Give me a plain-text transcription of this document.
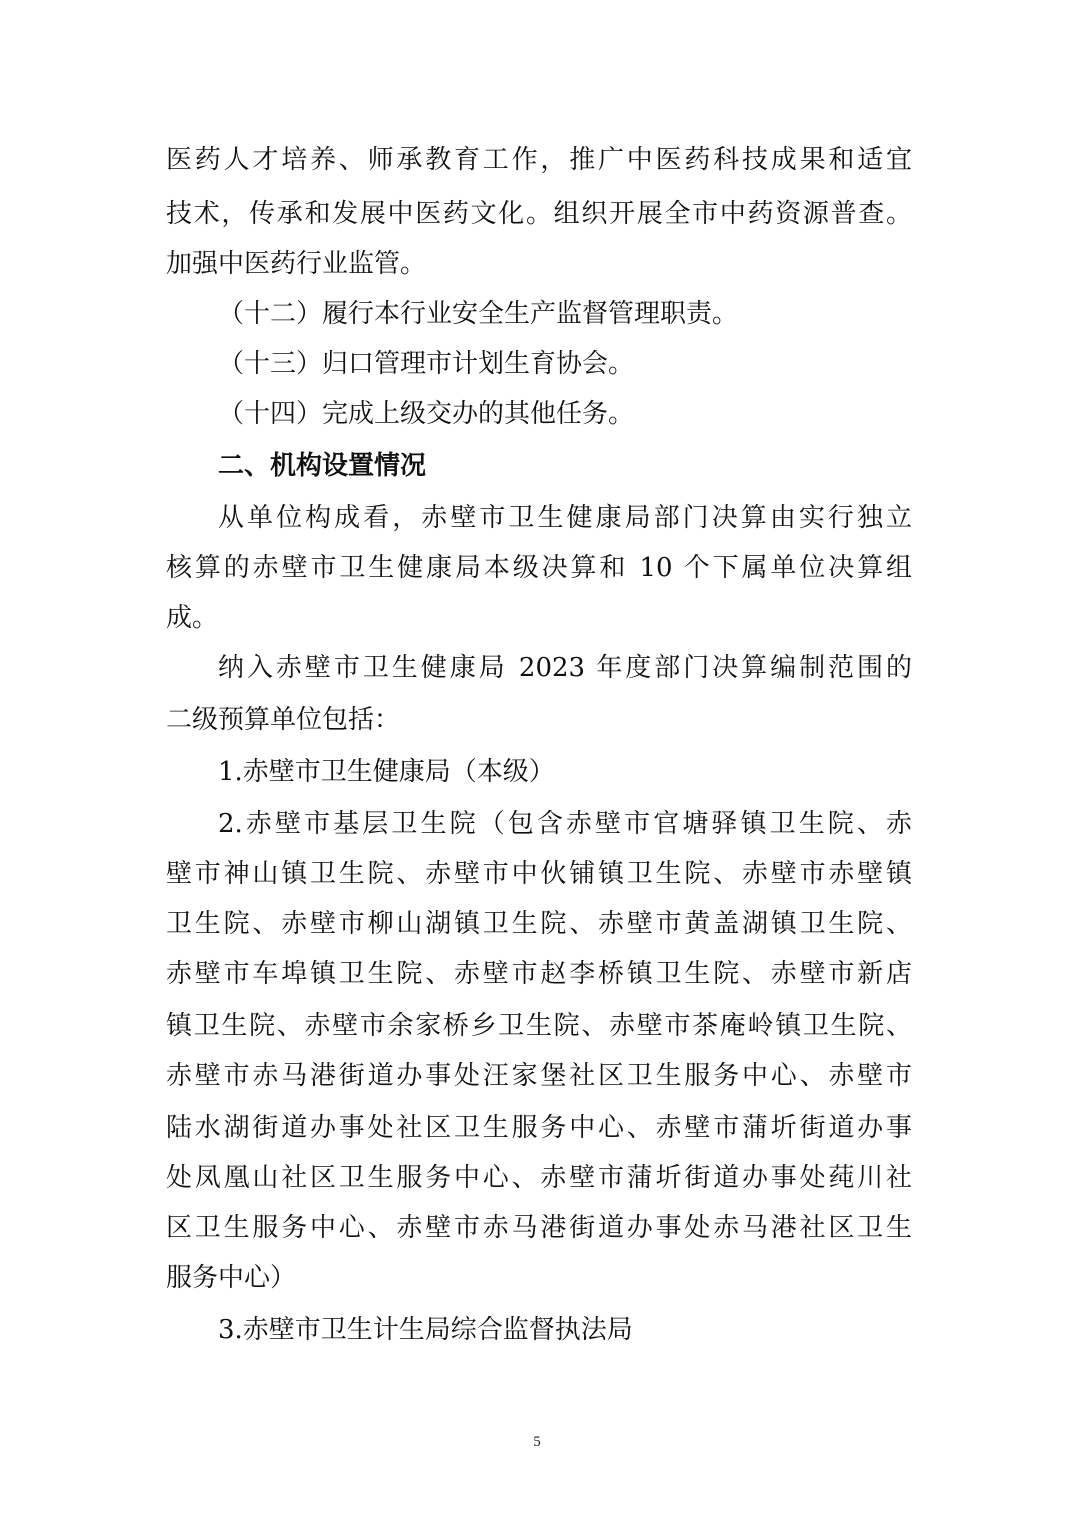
医药人才培养、师承教育工作，推广中医药科技成果和适宜
技术，传承和发展中医药文化。组织开展全市中药资源普查。
加强中医药行业监管。
（十二）履行本行业安全生产监督管理职责。
（十三）归口管理市计划生育协会。
（十四）完成上级交办的其他任务。
二、机构设置情况
从单位构成看，赤壁市卫生健康局部门决算由实行独立
核算的赤壁市卫生健康局本级决算和 10 个下属单位决算组
成。
纳入赤壁市卫生健康局 2023 年度部门决算编制范围的
二级预算单位包括：
1.赤壁市卫生健康局（本级）
2.赤壁市基层卫生院（包含赤壁市官塘驿镇卫生院、赤
壁市神山镇卫生院、赤壁市中伙铺镇卫生院、赤壁市赤壁镇
卫生院、赤壁市柳山湖镇卫生院、赤壁市黄盖湖镇卫生院、
赤壁市车埠镇卫生院、赤壁市赵李桥镇卫生院、赤壁市新店
镇卫生院、赤壁市余家桥乡卫生院、赤壁市茶庵岭镇卫生院、
赤壁市赤马港街道办事处汪家堡社区卫生服务中心、赤壁市
陆水湖街道办事处社区卫生服务中心、赤壁市蒲圻街道办事
处凤凰山社区卫生服务中心、赤壁市蒲圻街道办事处莼川社
区卫生服务中心、赤壁市赤马港街道办事处赤马港社区卫生
服务中心）
3.赤壁市卫生计生局综合监督执法局
5
